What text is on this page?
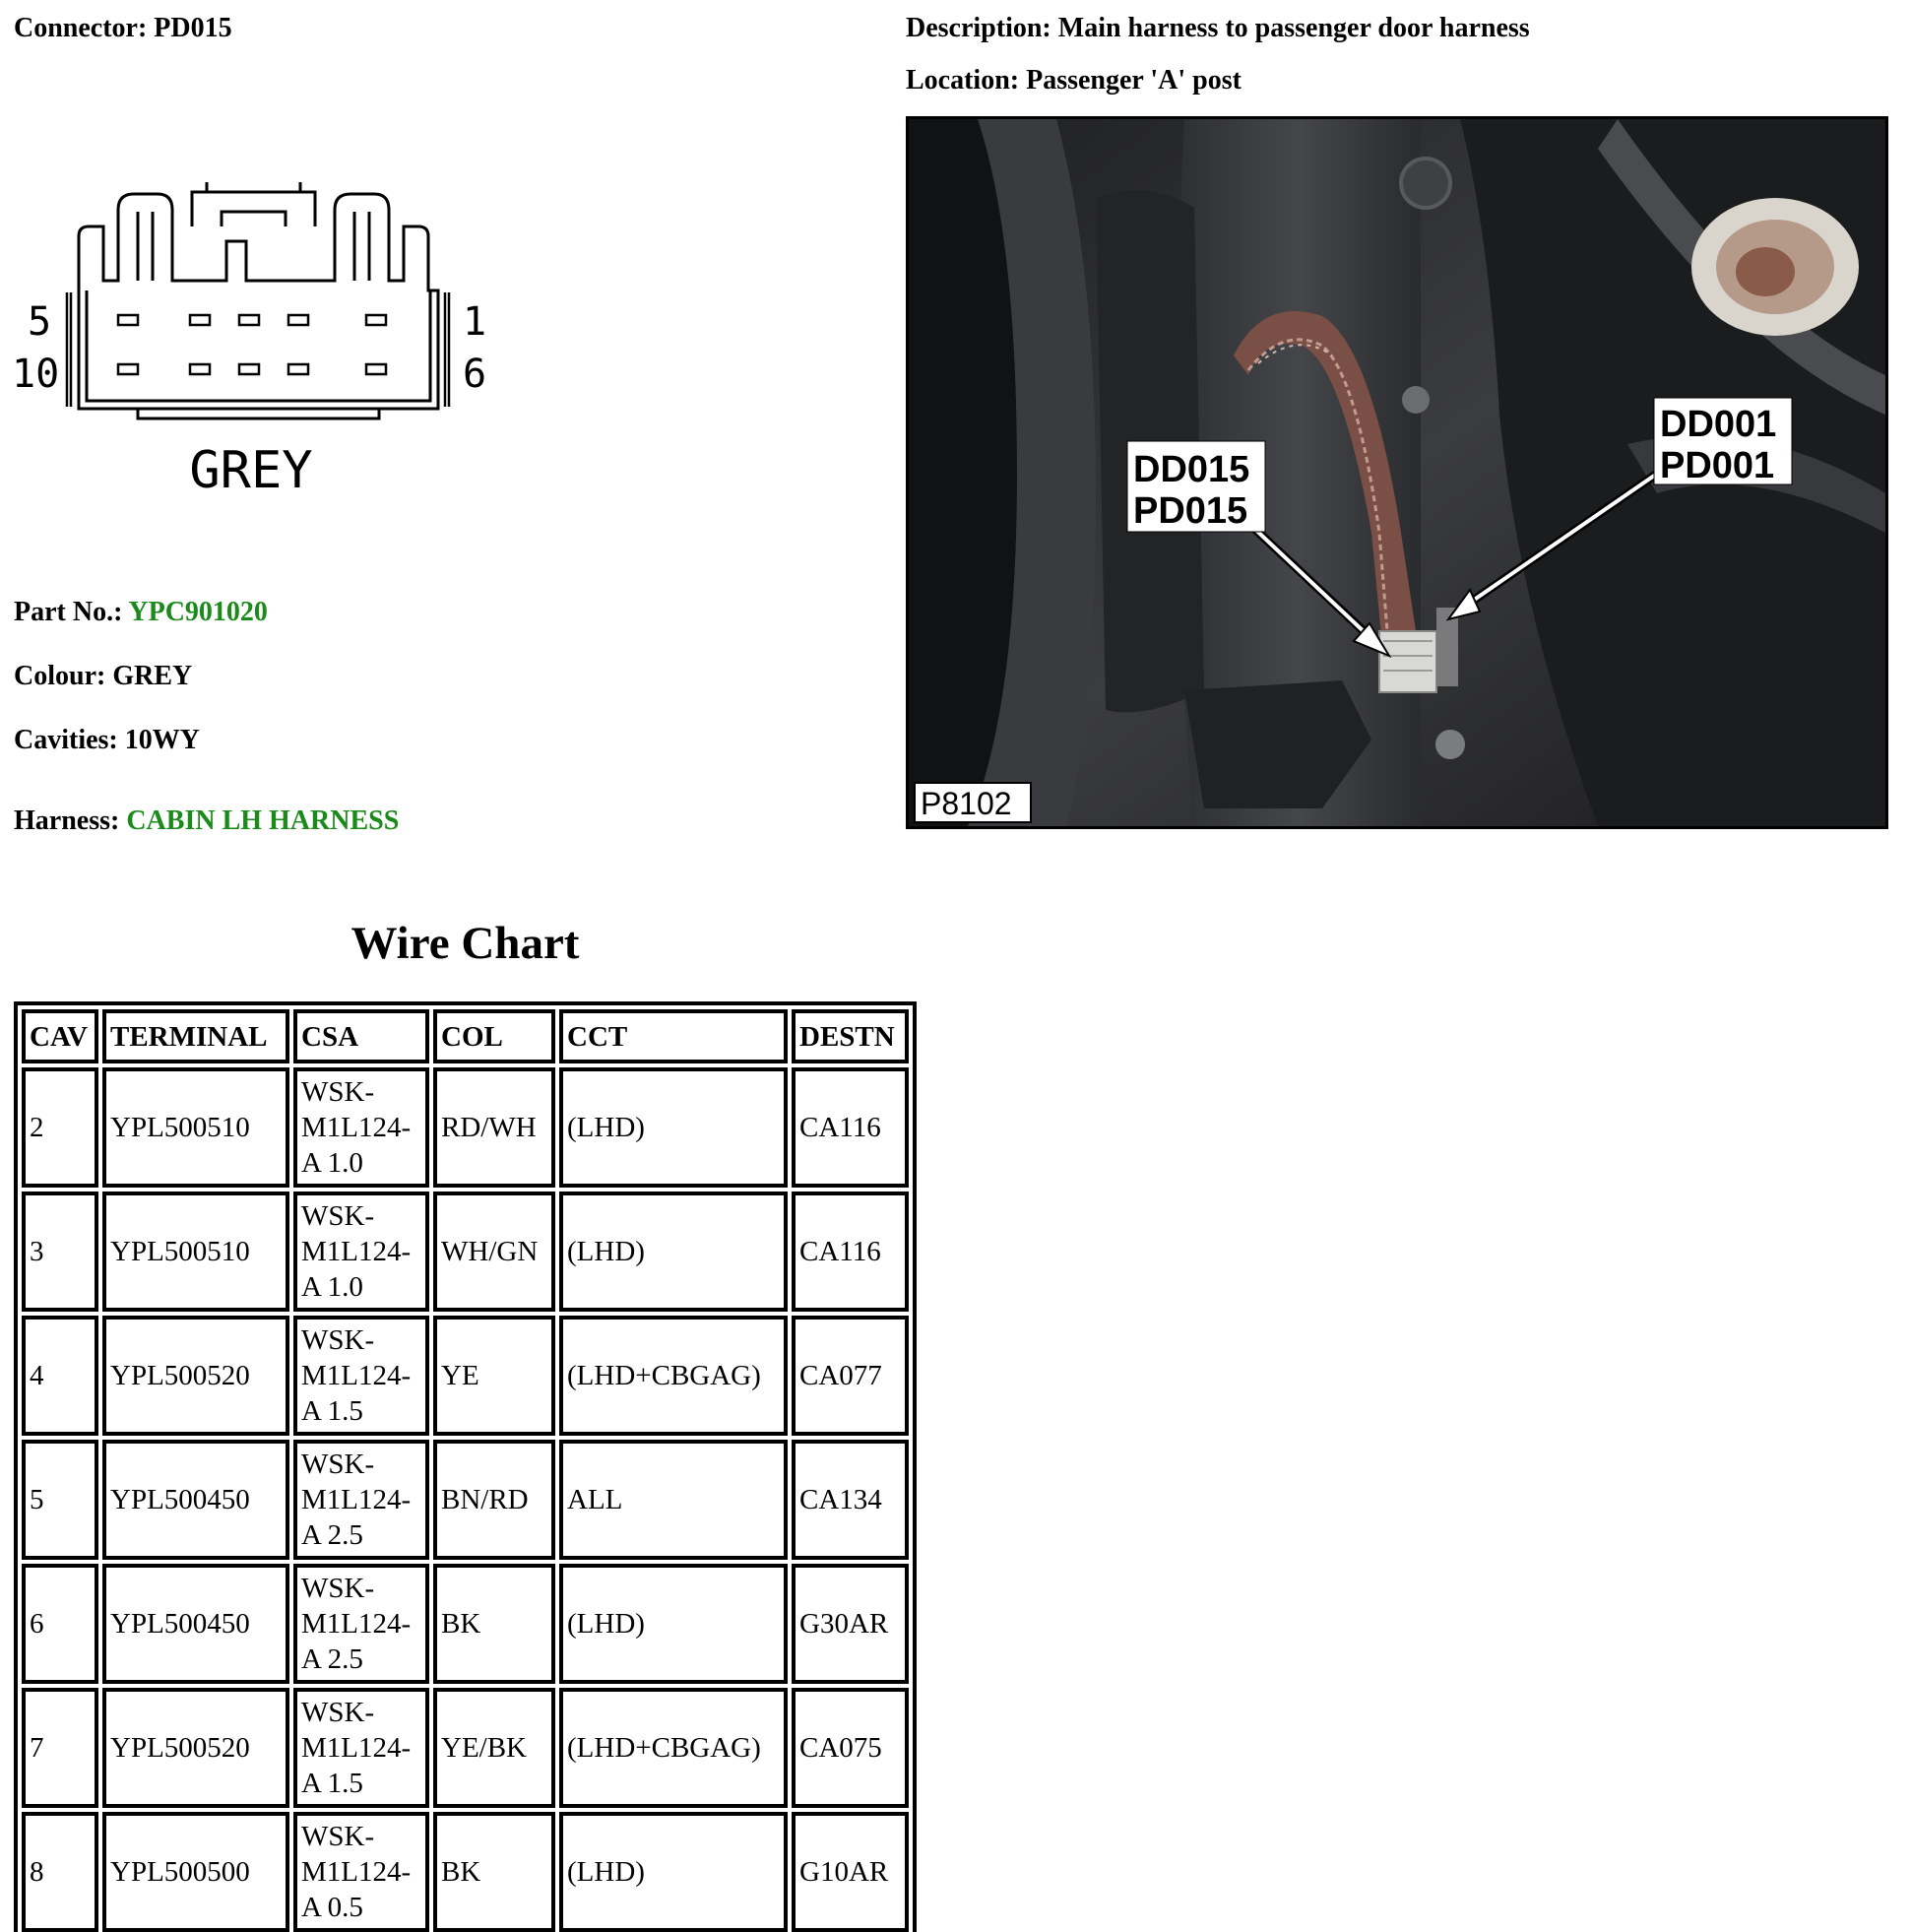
Connector: PD015	Description: Main harness to passenger door harness
Location: Passenger 'A' post
5
10
1
6
GREY
Part No.: YPC901020
Colour: GREY
Cavities: 10WY
Harness: CABIN LH HARNESS
DD015
PD015
DD001
PD001
P8102
Wire Chart
CAV	TERMINAL	CSA	COL	CCT	DESTN
2	YPL500510	WSK-M1L124-A 1.0	RD/WH	(LHD)	CA116
3	YPL500510	WSK-M1L124-A 1.0	WH/GN	(LHD)	CA116
4	YPL500520	WSK-M1L124-A 1.5	YE	(LHD+CBGAG)	CA077
5	YPL500450	WSK-M1L124-A 2.5	BN/RD	ALL	CA134
6	YPL500450	WSK-M1L124-A 2.5	BK	(LHD)	G30AR
7	YPL500520	WSK-M1L124-A 1.5	YE/BK	(LHD+CBGAG)	CA075
8	YPL500500	WSK-M1L124-A 0.5	BK	(LHD)	G10AR
